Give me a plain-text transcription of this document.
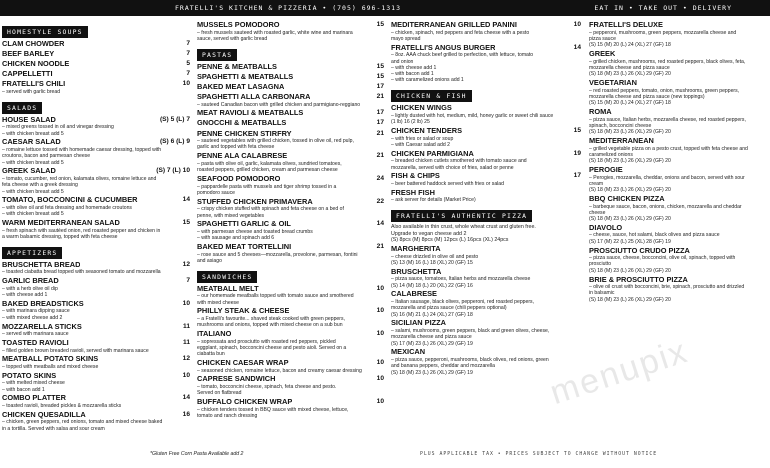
FRATELLI'S KITCHEN & PIZZERIA • (705) 696-1313	EAT IN • TAKE OUT • DELIVERY
HOMESTYLE SOUPS

CLAM CHOWDER	7
BEEF BARLEY	7
CHICKEN NOODLE	5
CAPPELLETTI	7
FRATELLI'S CHILI	10
– served with garlic bread
SALADS

HOUSE SALAD	(S) 5 (L) 7
– mixed greens tossed in oil and vinegar dressing
– with chicken breast add 5
CAESAR SALAD	(S) 6 (L) 9
– romaine lettuce tossed with homemade caesar dressing, topped with
croutons, bacon and parmesan cheese
– with chicken breast add 5
GREEK SALAD	(S) 7 (L) 10
– tomato, cucumber, red onion, kalamata olives, romaine lettuce and
feta cheese with a greek dressing
– with chicken breast add 5
TOMATO, BOCCONCINI & CUCUMBER	14
– with olive oil and feta dressing and homemade croutons
– with chicken breast add 5
WARM MEDITERRANEAN SALAD	15
– fresh spinach with sautéed onion, red roasted pepper and chicken in
a warm balsamic dressing, topped with feta cheese
APPETIZERS

BRUSCHETTA BREAD	12
– toasted ciabatta bread topped with seasoned tomato and mozzarella
GARLIC BREAD	7
– with a herb olive oil dip
– with cheese add 1
BAKED BREADSTICKS	10
– with marinara dipping sauce
– with mixed cheese add 2
MOZZARELLA STICKS	11
– served with marinara sauce
TOASTED RAVIOLI	11
– filled golden brown breaded ravioli, served with marinara sauce
MEATBALL POTATO SKINS	12
– topped with meatballs and mixed cheese
POTATO SKINS	10
– with melted mixed cheese
– with bacon add 1
COMBO PLATTER	14
– toasted ravioli, breaded pickles & mozzarella sticks
CHICKEN QUESADILLA	16
– chicken, green peppers, red onions, tomato and mixed cheese baked
in a tortilla. Served with salsa and sour cream
MUSSELS POMODORO	15
– fresh mussels sauteed with roasted garlic, white wine and marinara
sauce, served with garlic bread
PASTAS

PENNE & MEATBALLS	15
SPAGHETTI & MEATBALLS	15
BAKED MEAT LASAGNA	17
SPAGHETTI ALLA CARBONARA	21
– sauteed Canadian bacon with grilled chicken and parmigiano-reggiano
MEAT RAVIOLI & MEATBALLS	17
GNOCCHI & MEATBALLS	17
PENNE CHICKEN STIRFRY	21
– sauteed vegetables with grilled chicken, tossed in olive oil, red pulp,
garlic and topped with feta cheese
PENNE ALA CALABRESE	21
– pasta with olive oil, garlic, kalamata olives, sundried tomatoes,
roasted peppers, grilled chicken, cream and parmesan cheese
SEAFOOD POMODORO	24
– pappardelle pasta with mussels and tiger shrimp tossed in a
pomodoro sauce
STUFFED CHICKEN PRIMAVERA	22
– crispy chicken stuffed with spinach and feta cheese on a bed of
penne, with mixed vegetables
SPAGHETTI GARLIC & OIL	14
– with parmesan cheese and toasted bread crumbs
– with sausage and spinach add 6
BAKED MEAT TORTELLINI	21
– rose sauce and 5 cheeses—mozzarella, provolone, parmesan, fontini
and asiago
SANDWICHES

MEATBALL MELT	10
– our homemade meatballs topped with tomato sauce and smothered
with mixed cheese
PHILLY STEAK & CHEESE	10
– a Fratelli's favourite... shaved steak cooked with green peppers,
mushrooms and onions, topped with mixed cheese on a sub bun
ITALIANO	10
– sopressata and prosciutto with roasted red peppers, pickled
eggplant, spinach, bocconcini cheese and pesto aioli. Served on a
ciabatta bun
CHICKEN CAESAR WRAP	10
– seasoned chicken, romaine lettuce, bacon and creamy caesar dressing
CAPRESE SANDWICH	10
– tomato, bocconcini cheese, spinach, feta cheese and pesto.
Served on flatbread
BUFFALO CHICKEN WRAP	10
– chicken tenders tossed in BBQ sauce with mixed cheese, lettuce,
tomato and ranch dressing
MEDITERRANEAN GRILLED PANINI	10
– chicken, spinach, red peppers and feta cheese with a pesto
mayo spread
FRATELLI'S ANGUS BURGER	14
– 8oz. AAA chuck beef grilled to perfection, with lettuce, tomato
and onion
– with cheese add 1
– with bacon add 1
– with caramelized onions add 1
CHICKEN & FISH

CHICKEN WINGS
– lightly dusted with hot, medium, mild, honey garlic or sweet chili sauce
(1 lb) 16 (2 lb) 25
CHICKEN TENDERS	15
– with fries or salad or soup
– with Caesar salad add 2
CHICKEN PARMIGIANA	19
– breaded chicken cutlets smothered with tomato sauce and
mozzarella, served with choice of fries, salad or penne
FISH & CHIPS	17
– beer battered haddock served with fries or salad
FRESH FISH
– ask server for details (Market Price)
FRATELLI'S AUTHENTIC PIZZA

Also available in thin crust, whole wheat crust and gluten free.
Upgrade to vegan cheese add 2
(S) 8pcs (M) 8pcs (M) 12pcs (L) 16pcs (XL) 24pcs
MARGHERITA
– cheese drizzled in olive oil and pesto
(S) 13 (M) 16 (L) 18 (XL) 20 (GF) 15
BRUSCHETTA
– pizza sauce, tomatoes, Italian herbs and mozzarella cheese
(S) 14 (M) 18 (L) 20 (XL) 22 (GF) 16
CALABRESE
– Italian sausage, black olives, pepperoni, red roasted peppers,
mozzarella and pizza sauce (chili peppers optional)
(S) 16 (M) 21 (L) 24 (XL) 27 (GF) 18
SICILIAN PIZZA
– salami, mushrooms, green peppers, black and green olives, cheese,
mozzarella cheese and pizza sauce
(S) 17 (M) 23 (L) 26 (XL) 29 (GF) 19
MEXICAN
– pizza sauce, pepperoni, mushrooms, black olives, red onions, green
and banana peppers, cheddar and mozzarella
(S) 18 (M) 23 (L) 26 (XL) 29 (GF) 19
FRATELLI'S DELUXE
– pepperoni, mushrooms, green peppers, mozzarella cheese and
pizza sauce
(S) 15 (M) 20 (L) 24 (XL) 27 (GF) 18
GREEK
– grilled chicken, mushrooms, red roasted peppers, black olives, feta,
mozzarella cheese and pizza sauce
(S) 18 (M) 23 (L) 26 (XL) 29 (GF) 20
VEGETARIAN
– red roasted peppers, tomato, onion, mushrooms, green peppers,
mozzarella cheese and pizza sauce (new toppings)
(S) 15 (M) 20 (L) 24 (XL) 27 (GF) 18
ROMA
– pizza sauce, Italian herbs, mozzarella cheese, red roasted peppers,
spinach, bocconcini cheese
(S) 18 (M) 23 (L) 26 (XL) 29 (GF) 20
MEDITERRANEAN
– grilled vegetable pizza on a pesto crust, topped with feta cheese and
caramelized onions
(S) 18 (M) 23 (L) 26 (XL) 29 (GF) 20
PEROGIE
– Perogies, mozzarella, cheddar, onions and bacon, served with sour
cream
(S) 18 (M) 23 (L) 26 (XL) 29 (GF) 20
BBQ CHICKEN PIZZA
– barbeque sauce, bacon, onions, chicken, mozzarella and cheddar
cheese
(S) 18 (M) 23 (L) 26 (XL) 29 (GF) 20
DIAVOLO
– cheese, sauce, hot salami, black olives and pizza sauce
(S) 17 (M) 22 (L) 25 (XL) 28 (GF) 19
PROSCIUTTO CRUDO PIZZA
– pizza sauce, cheese, bocconcini, olive oil, spinach, topped with
prosciutto
(S) 18 (M) 23 (L) 26 (XL) 29 (GF) 20
BRIE & PROSCIUTTO PIZZA
– olive oil crust with bocconcini, brie, spinach, prosciutto and drizzled
in balsamic
(S) 18 (M) 23 (L) 26 (XL) 29 (GF) 20
*Gluten Free Corn Pasta Available add 2	PLUS APPLICABLE TAX • PRICES SUBJECT TO CHANGE WITHOUT NOTICE
menupix
